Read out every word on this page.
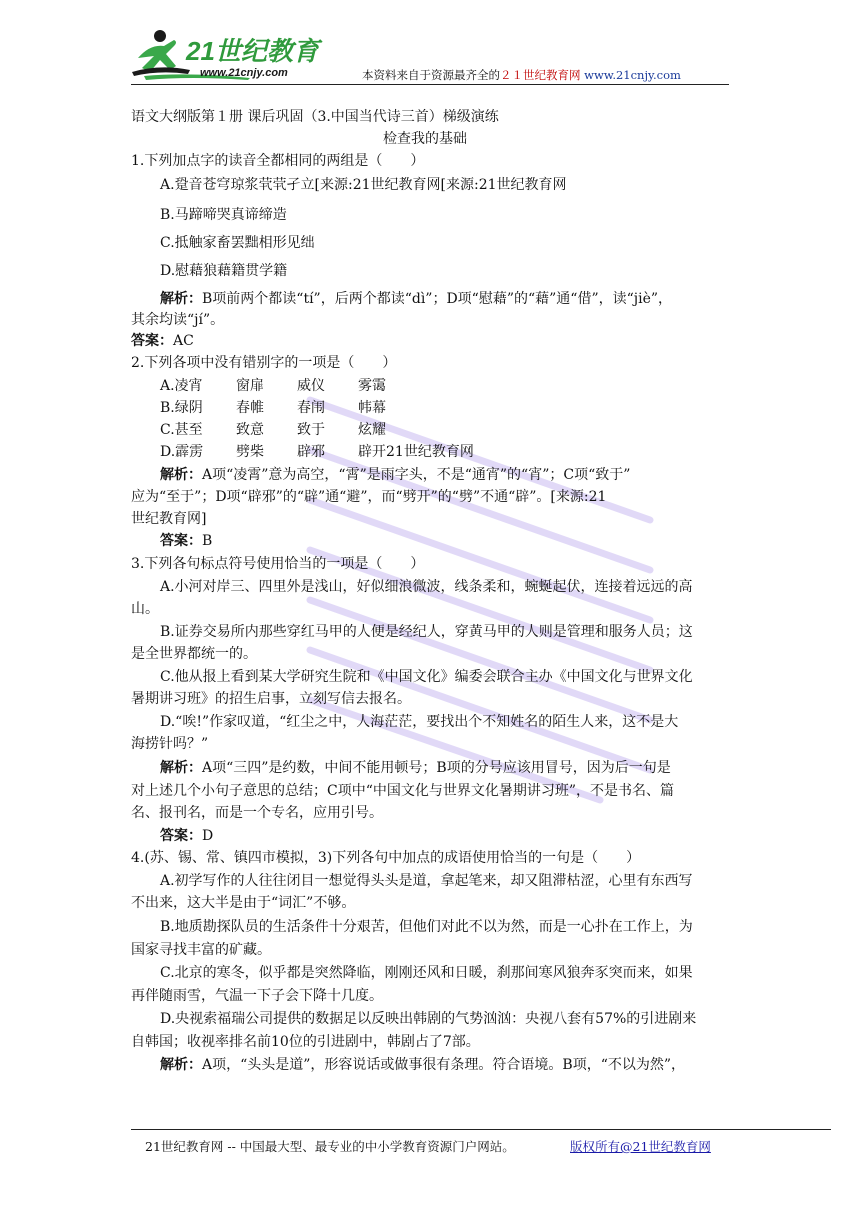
21世纪教育
www.21cnjy.com	本资料来自于资源最齐全的２１世纪教育网 www.21cnjy.com
语文大纲版第１册 课后巩固（3.中国当代诗三首）梯级演练
检查我的基础
1.下列加点字的读音全都相同的两组是（　　）
A.跫音苍穹琼浆茕茕孑立[来源:21世纪教育网[来源:21世纪教育网
B.马蹄啼哭真谛缔造
C.抵触家畜罢黜相形见绌
D.慰藉狼藉籍贯学籍
解析：B项前两个都读“tí”，后两个都读“dì”；D项“慰藉”的“藉”通“借”，读“jiè”，
其余均读“jí”。
答案：AC
2.下列各项中没有错别字的一项是（　　）
A.凌宵 窗扉 威仪 雾霭
B.绿阴 春帷 春闱 帏幕
C.甚至 致意 致于 炫耀
D.霹雳 劈柴 辟邪 辟开21世纪教育网
解析：A项“凌霄”意为高空，“霄”是雨字头，不是“通宵”的“宵”；C项“致于”
应为“至于”；D项“辟邪”的“辟”通“避”，而“劈开”的“劈”不通“辟”。[来源:21
世纪教育网]
答案：B
3.下列各句标点符号使用恰当的一项是（　　）
A.小河对岸三、四里外是浅山，好似细浪微波，线条柔和，蜿蜒起伏，连接着远远的高
山。
B.证券交易所内那些穿红马甲的人便是经纪人，穿黄马甲的人则是管理和服务人员；这
是全世界都统一的。
C.他从报上看到某大学研究生院和《中国文化》编委会联合主办《中国文化与世界文化
暑期讲习班》的招生启事，立刻写信去报名。
D.“唉!”作家叹道，“红尘之中，人海茫茫，要找出个不知姓名的陌生人来，这不是大
海捞针吗？”
解析：A项“三四”是约数，中间不能用顿号；B项的分号应该用冒号，因为后一句是
对上述几个小句子意思的总结；C项中“中国文化与世界文化暑期讲习班”，不是书名、篇
名、报刊名，而是一个专名，应用引号。
答案：D
4.(苏、锡、常、镇四市模拟，3)下列各句中加点的成语使用恰当的一句是（　　）
A.初学写作的人往往闭目一想觉得头头是道，拿起笔来，却又阻滞枯涩，心里有东西写
不出来，这大半是由于“词汇”不够。
B.地质勘探队员的生活条件十分艰苦，但他们对此不以为然，而是一心扑在工作上，为
国家寻找丰富的矿藏。
C.北京的寒冬，似乎都是突然降临，刚刚还风和日暖，刹那间寒风狼奔豕突而来，如果
再伴随雨雪，气温一下子会下降十几度。
D.央视索福瑞公司提供的数据足以反映出韩剧的气势汹汹：央视八套有57%的引进剧来
自韩国；收视率排名前10位的引进剧中，韩剧占了7部。
解析：A项，“头头是道”，形容说话或做事很有条理。符合语境。B项，“不以为然”，
21世纪教育网 -- 中国最大型、最专业的中小学教育资源门户网站。	版权所有@21世纪教育网
